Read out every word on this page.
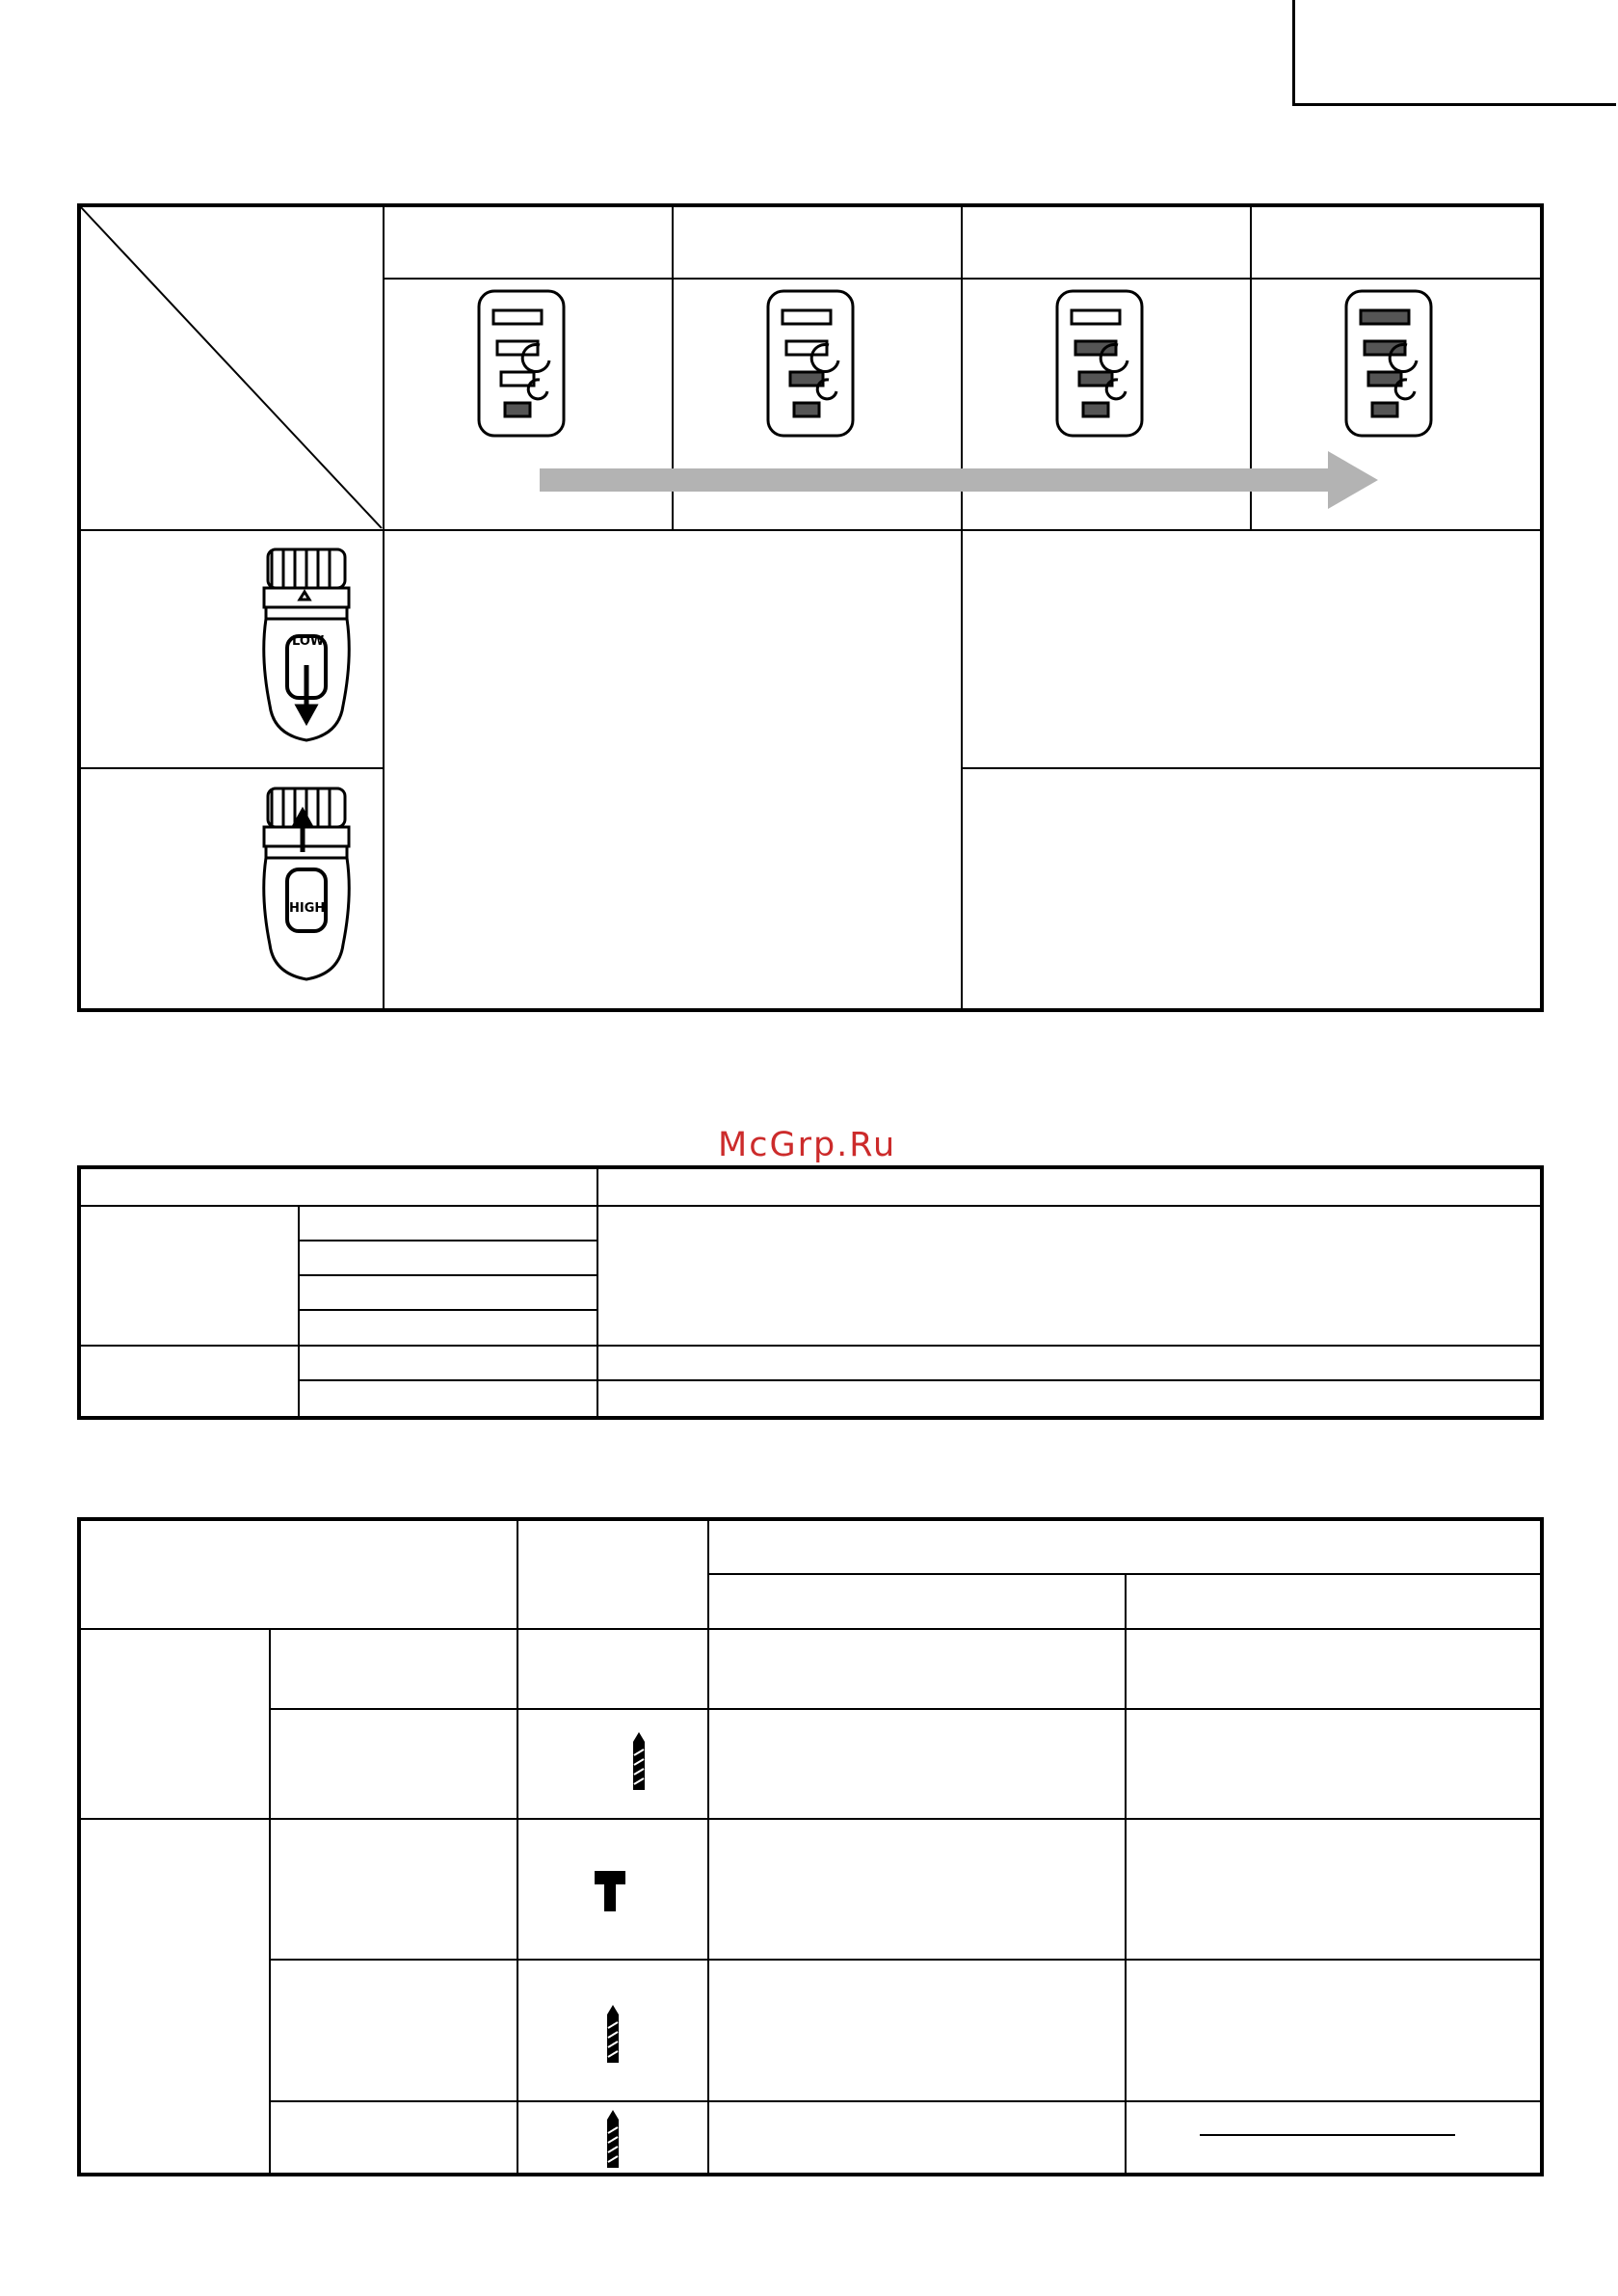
LOW
HIGH
McGrp.Ru
